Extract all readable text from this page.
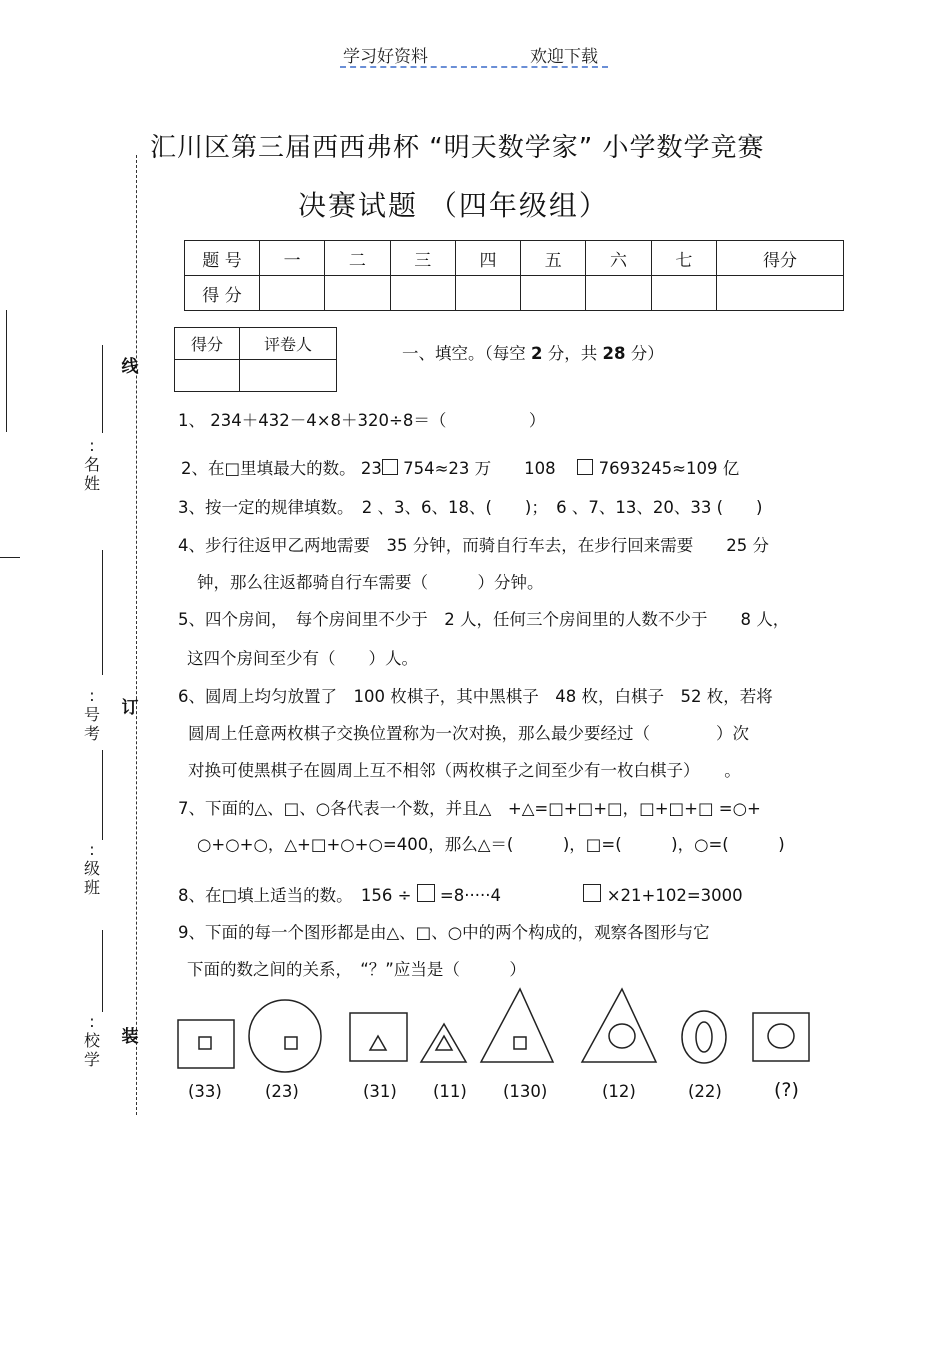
学习好资料	欢迎下载
汇川区第三届西西弗杯 “明天数学家” 小学数学竞赛
决赛试题 （四年级组）
题 号	一	二	三	四	五	六	七	得分
得 分								
得分	评卷人
		一、填空。（每空 2 分，共 28 分）
1、 234＋432－4×8＋320÷8＝（　　　　　）
2、在□里填最大的数。 23 754≈23 万　　108　	7693245≈109 亿
3、按一定的规律填数。　2 、3、6、18、(　　)；　6 、7、13、20、33 (　　)
4、步行往返甲乙两地需要　35 分钟，而骑自行车去，在步行回来需要　　25 分
钟，那么往返都骑自行车需要（　　　）分钟。
5、四个房间，　每个房间里不少于　2 人，任何三个房间里的人数不少于　　8 人，
这四个房间至少有（　　）人。
6、圆周上均匀放置了　100 枚棋子，其中黑棋子　48 枚，白棋子　52 枚，若将
圆周上任意两枚棋子交换位置称为一次对换，那么最少要经过（　　　　）次
对换可使黑棋子在圆周上互不相邻（两枚棋子之间至少有一枚白棋子）　　。
7、下面的△、□、○各代表一个数，并且△　+△=□+□+□，□+□+□ =○+
○+○+○，△+□+○+○=400，那么△＝(　　　)，□=(　　　)，○=(　　　)
8、在□填上适当的数。　156 ÷ =8·····4　　　　　	×21+102=3000
9、下面的每一个图形都是由△、□、○中的两个构成的，观察各图形与它
下面的数之间的关系，　“？”应当是（　　　）
(33)	(23)	(31) (11) (130)	(12)	(22)	(?)
线
订
装
:名姓
:号考
:级班
:校学
